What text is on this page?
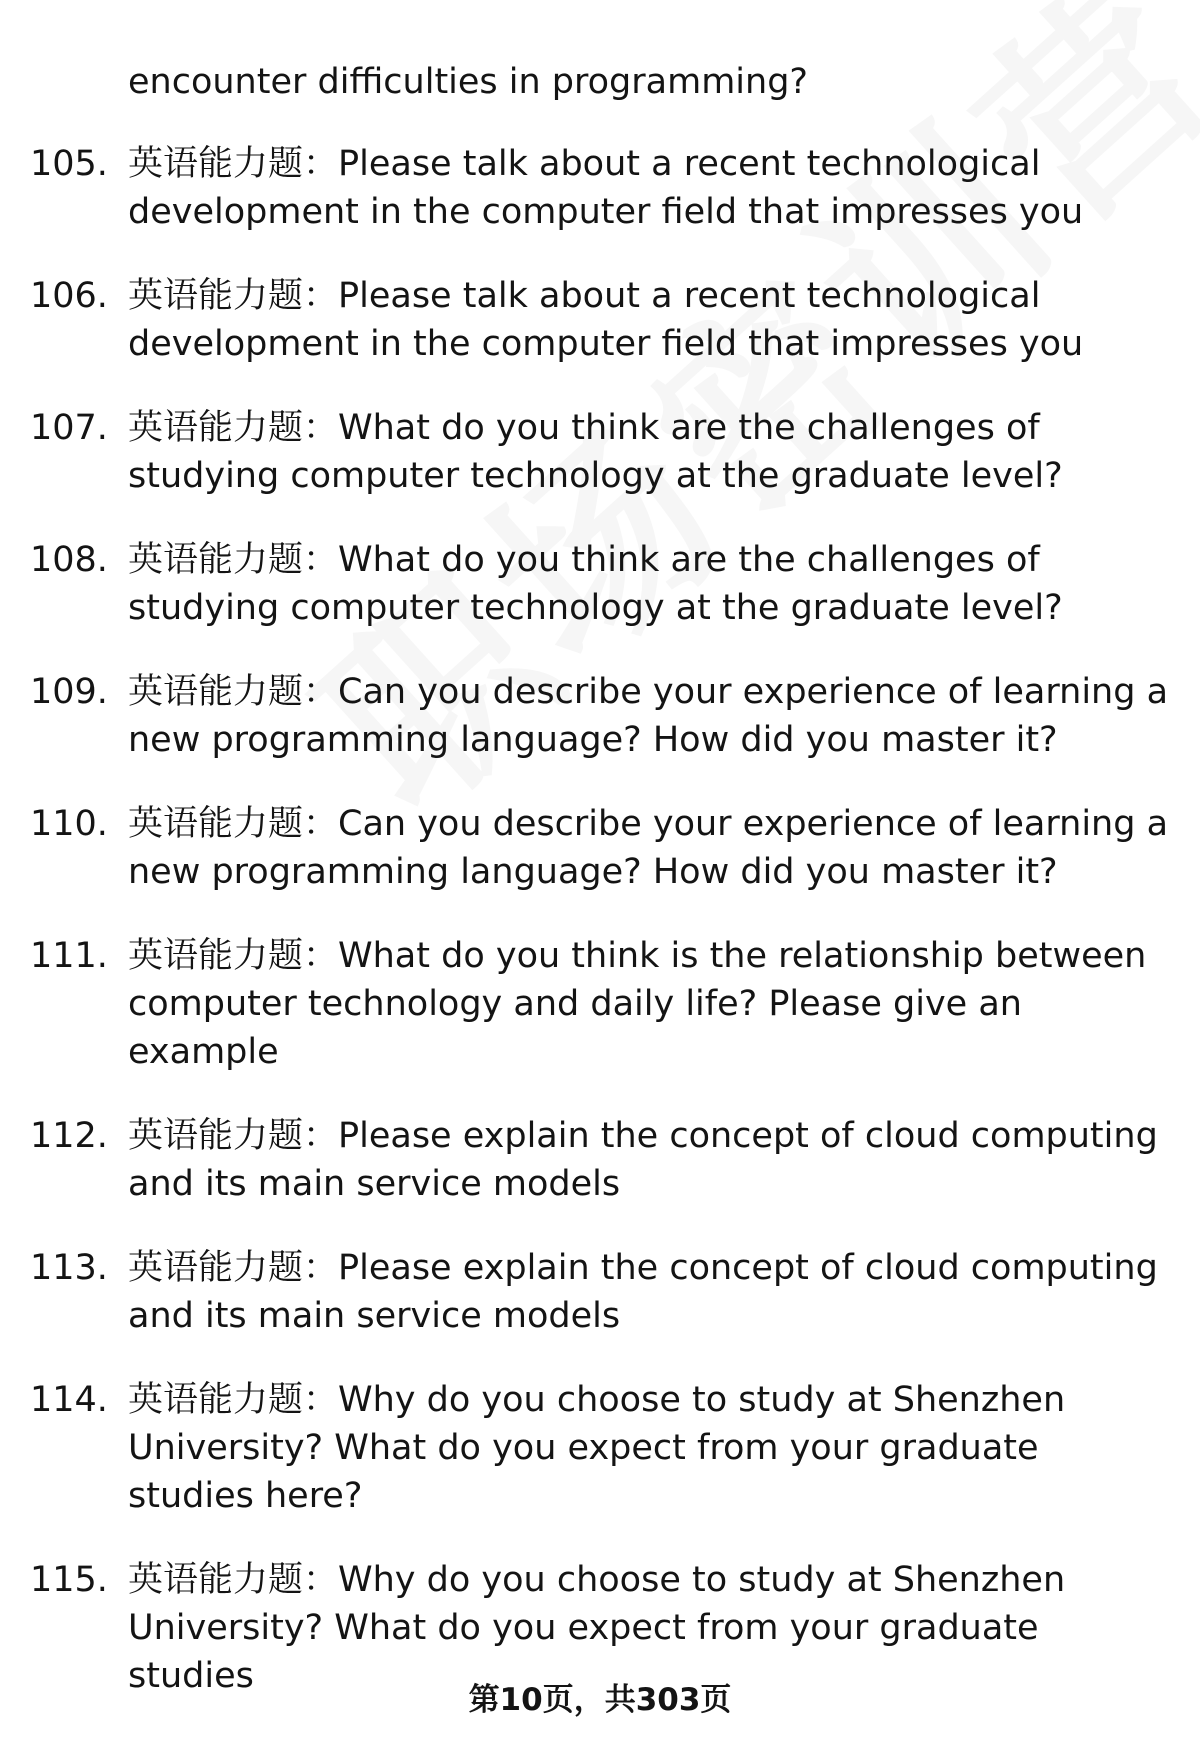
encounter difficulties in programming?

105. 英语能力题：Please talk about a recent technological development in the computer field that impresses you
106. 英语能力题：Please talk about a recent technological development in the computer field that impresses you
107. 英语能力题：What do you think are the challenges of studying computer technology at the graduate level?
108. 英语能力题：What do you think are the challenges of studying computer technology at the graduate level?
109. 英语能力题：Can you describe your experience of learning a new programming language? How did you master it?
110. 英语能力题：Can you describe your experience of learning a new programming language? How did you master it?
111. 英语能力题：What do you think is the relationship between computer technology and daily life? Please give an example
112. 英语能力题：Please explain the concept of cloud computing and its main service models
113. 英语能力题：Please explain the concept of cloud computing and its main service models
114. 英语能力题：Why do you choose to study at Shenzhen University? What do you expect from your graduate studies here?
115. 英语能力题：Why do you choose to study at Shenzhen University? What do you expect from your graduate studies
第10页，共303页
